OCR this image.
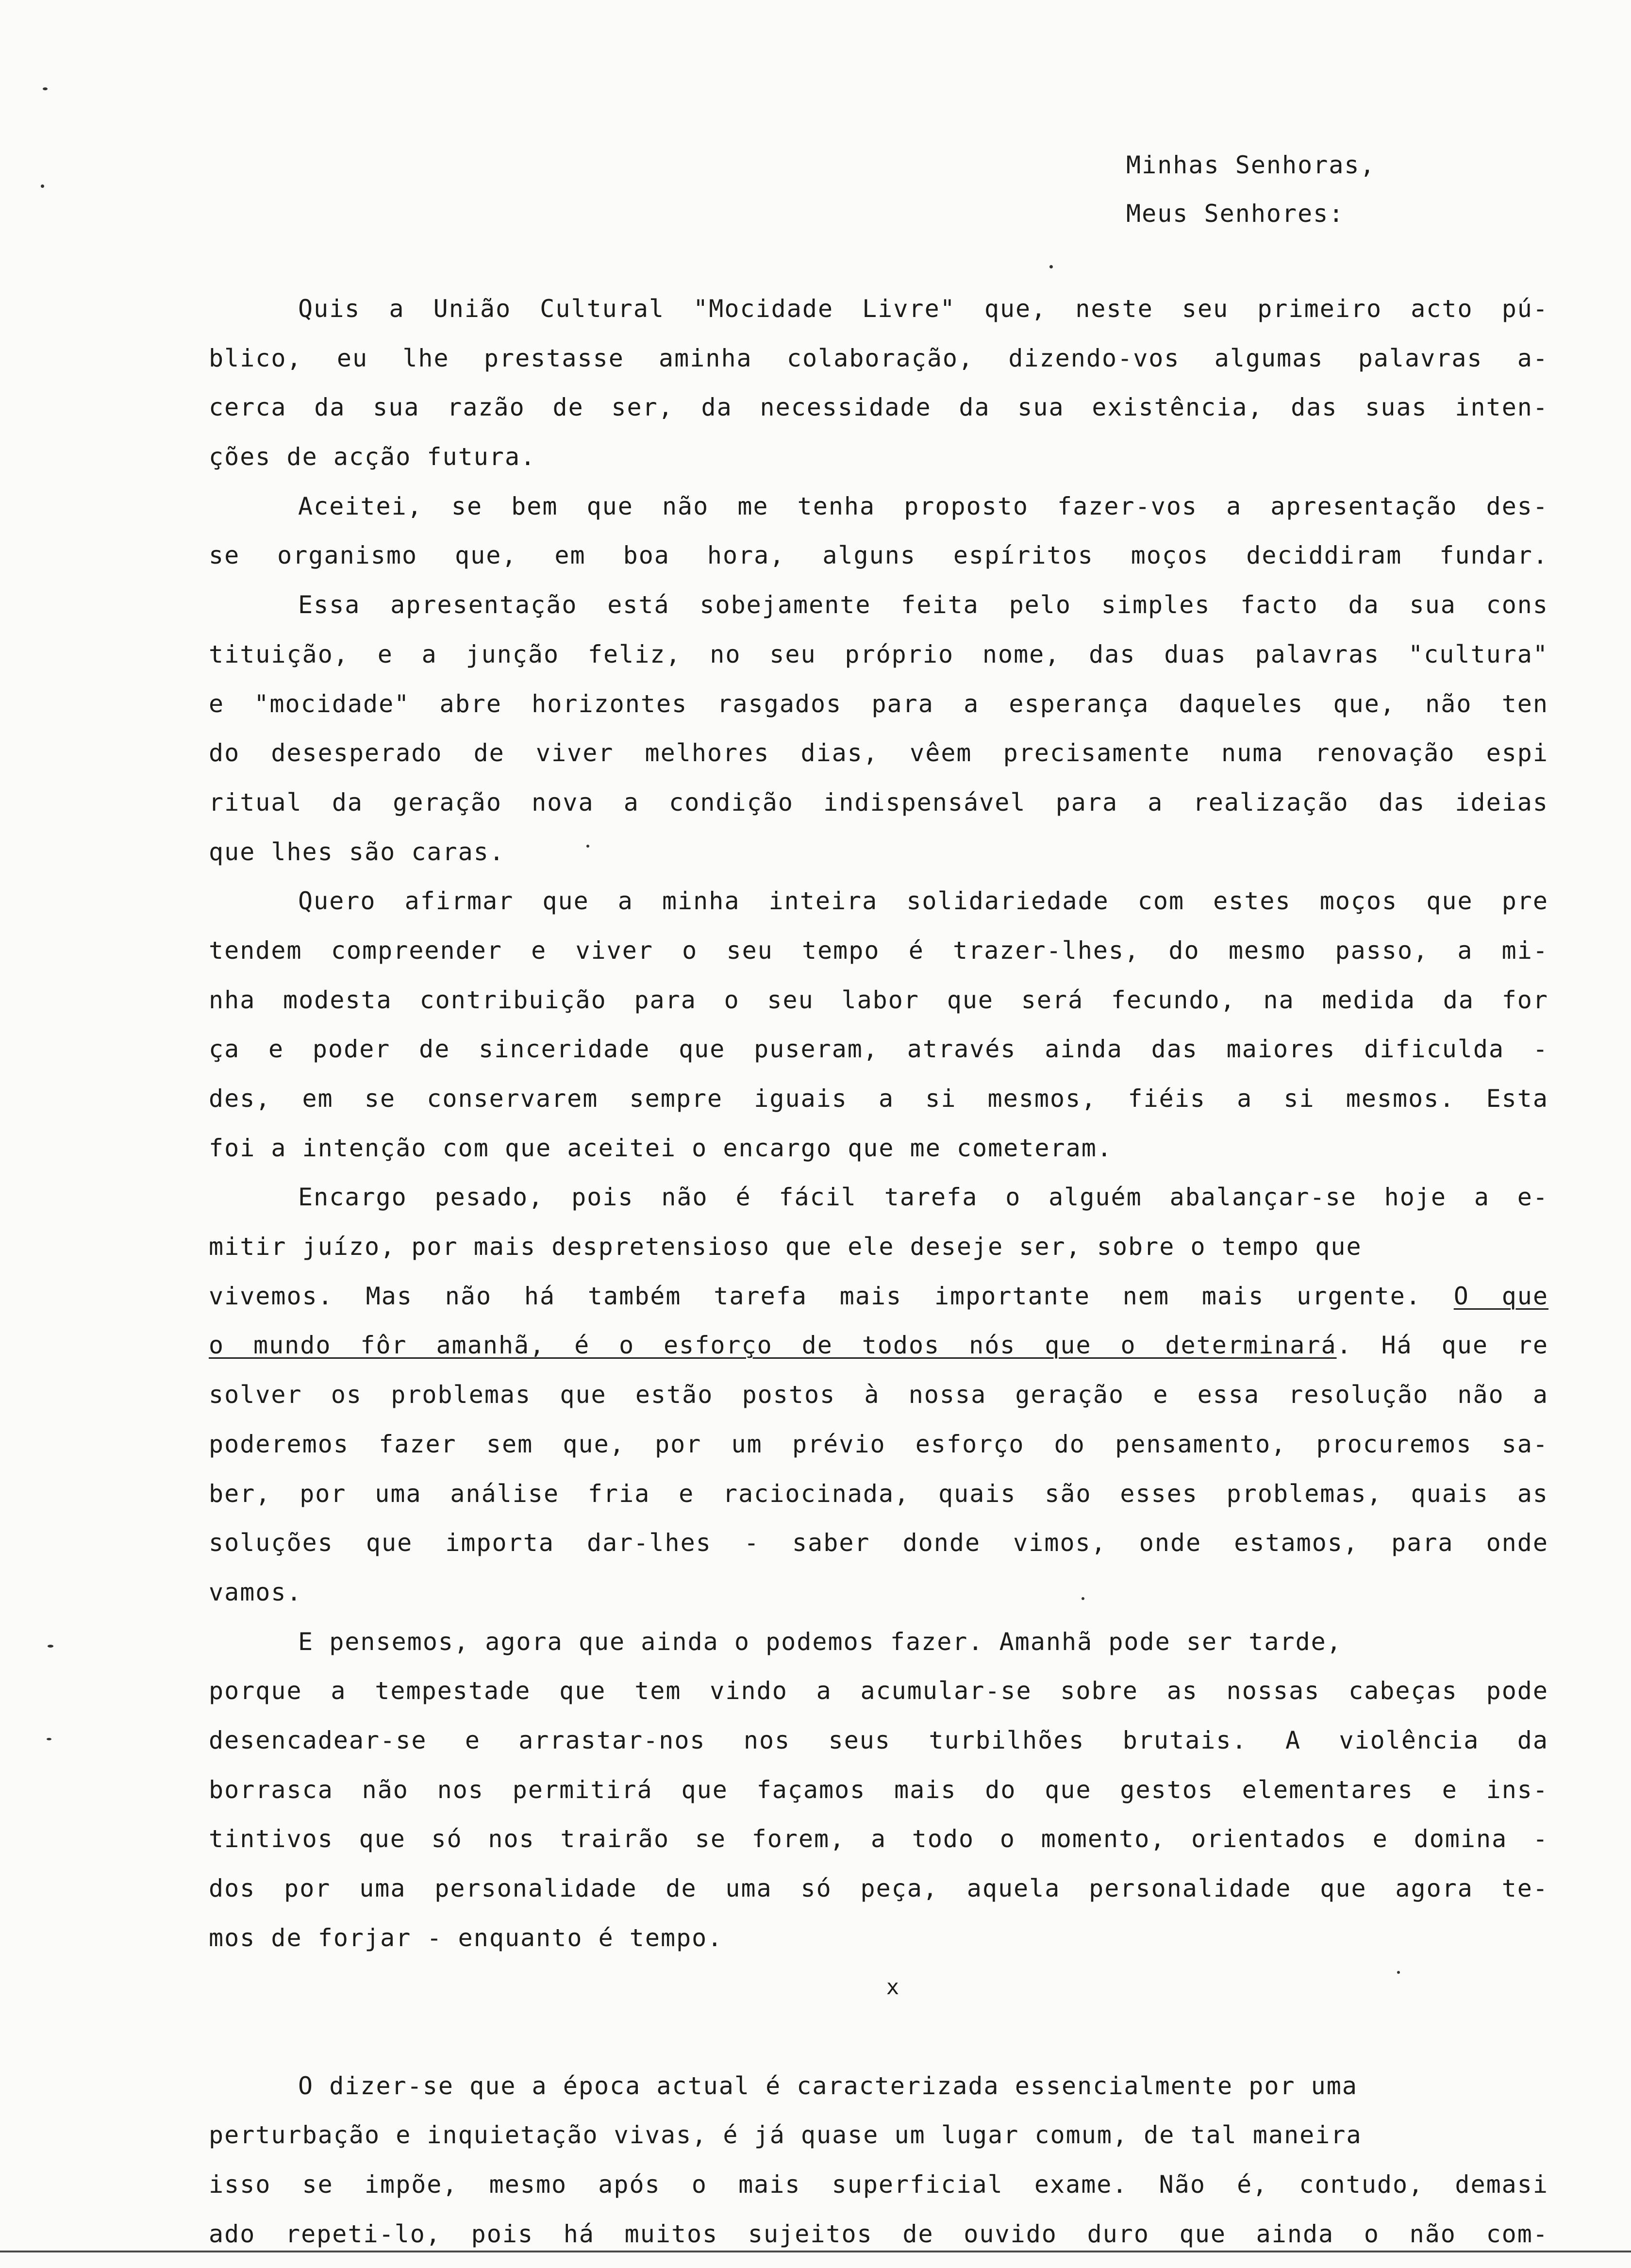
Minhas Senhoras,
Meus Senhores:
Quis a União Cultural "Mocidade Livre" que, neste seu primeiro acto pú-
blico, eu lhe prestasse aminha colaboração, dizendo-vos algumas palavras a-
cerca da sua razão de ser, da necessidade da sua existência, das suas inten-
ções de acção futura.
Aceitei, se bem que não me tenha proposto fazer-vos a apresentação des-
se organismo que, em boa hora, alguns espíritos moços deciddiram fundar.
Essa apresentação está sobejamente feita pelo simples facto da sua cons
tituição, e a junção feliz, no seu próprio nome, das duas palavras "cultura"
e "mocidade" abre horizontes rasgados para a esperança daqueles que, não ten
do desesperado de viver melhores dias, vêem precisamente numa renovação espi
ritual da geração nova a condição indispensável para a realização das ideias
que lhes são caras.
Quero afirmar que a minha inteira solidariedade com estes moços que pre
tendem compreender e viver o seu tempo é trazer-lhes, do mesmo passo, a mi-
nha modesta contribuição para o seu labor que será fecundo, na medida da for
ça e poder de sinceridade que puseram, através ainda das maiores dificulda -
des, em se conservarem sempre iguais a si mesmos, fiéis a si mesmos. Esta
foi a intenção com que aceitei o encargo que me cometeram.
Encargo pesado, pois não é fácil tarefa o alguém abalançar-se hoje a e-
mitir juízo, por mais despretensioso que ele deseje ser, sobre o tempo que
vivemos. Mas não há também tarefa mais importante nem mais urgente. O que
o mundo fôr amanhã, é o esforço de todos nós que o determinará. Há que re
solver os problemas que estão postos à nossa geração e essa resolução não a
poderemos fazer sem que, por um prévio esforço do pensamento, procuremos sa-
ber, por uma análise fria e raciocinada, quais são esses problemas, quais as
soluções que importa dar-lhes - saber donde vimos, onde estamos, para onde
vamos.
E pensemos, agora que ainda o podemos fazer. Amanhã pode ser tarde,
porque a tempestade que tem vindo a acumular-se sobre as nossas cabeças pode
desencadear-se e arrastar-nos nos seus turbilhões brutais. A violência da
borrasca não nos permitirá que façamos mais do que gestos elementares e ins-
tintivos que só nos trairão se forem, a todo o momento, orientados e domina -
dos por uma personalidade de uma só peça, aquela personalidade que agora te-
mos de forjar - enquanto é tempo.
x
O dizer-se que a época actual é caracterizada essencialmente por uma
perturbação e inquietação vivas, é já quase um lugar comum, de tal maneira
isso se impõe, mesmo após o mais superficial exame. Não é, contudo, demasi
ado repeti-lo, pois há muitos sujeitos de ouvido duro que ainda o não com-
